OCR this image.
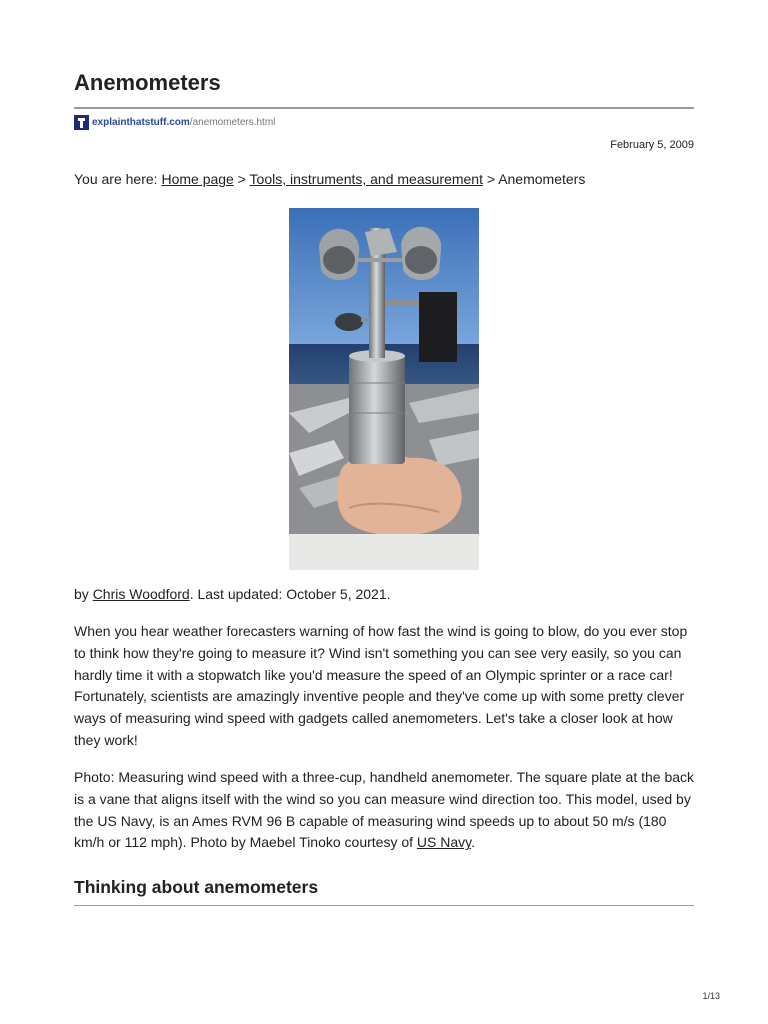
Anemometers
explainthatstuff.com /anemometers.html
February 5, 2009
You are here: Home page > Tools, instruments, and measurement > Anemometers
by Chris Woodford. Last updated: October 5, 2021.

When you hear weather forecasters warning of how fast the wind is going to blow, do you ever stop to think how they're going to measure it? Wind isn't something you can see very easily, so you can hardly time it with a stopwatch like you'd measure the speed of an Olympic sprinter or a race car! Fortunately, scientists are amazingly inventive people and they've come up with some pretty clever ways of measuring wind speed with gadgets called anemometers. Let's take a closer look at how they work!

Photo: Measuring wind speed with a three-cup, handheld anemometer. The square plate at the back is a vane that aligns itself with the wind so you can measure wind direction too. This model, used by the US Navy, is an Ames RVM 96 B capable of measuring wind speeds up to about 50 m/s (180 km/h or 112 mph). Photo by Maebel Tinoko courtesy of US Navy.

Thinking about anemometers
1/13
